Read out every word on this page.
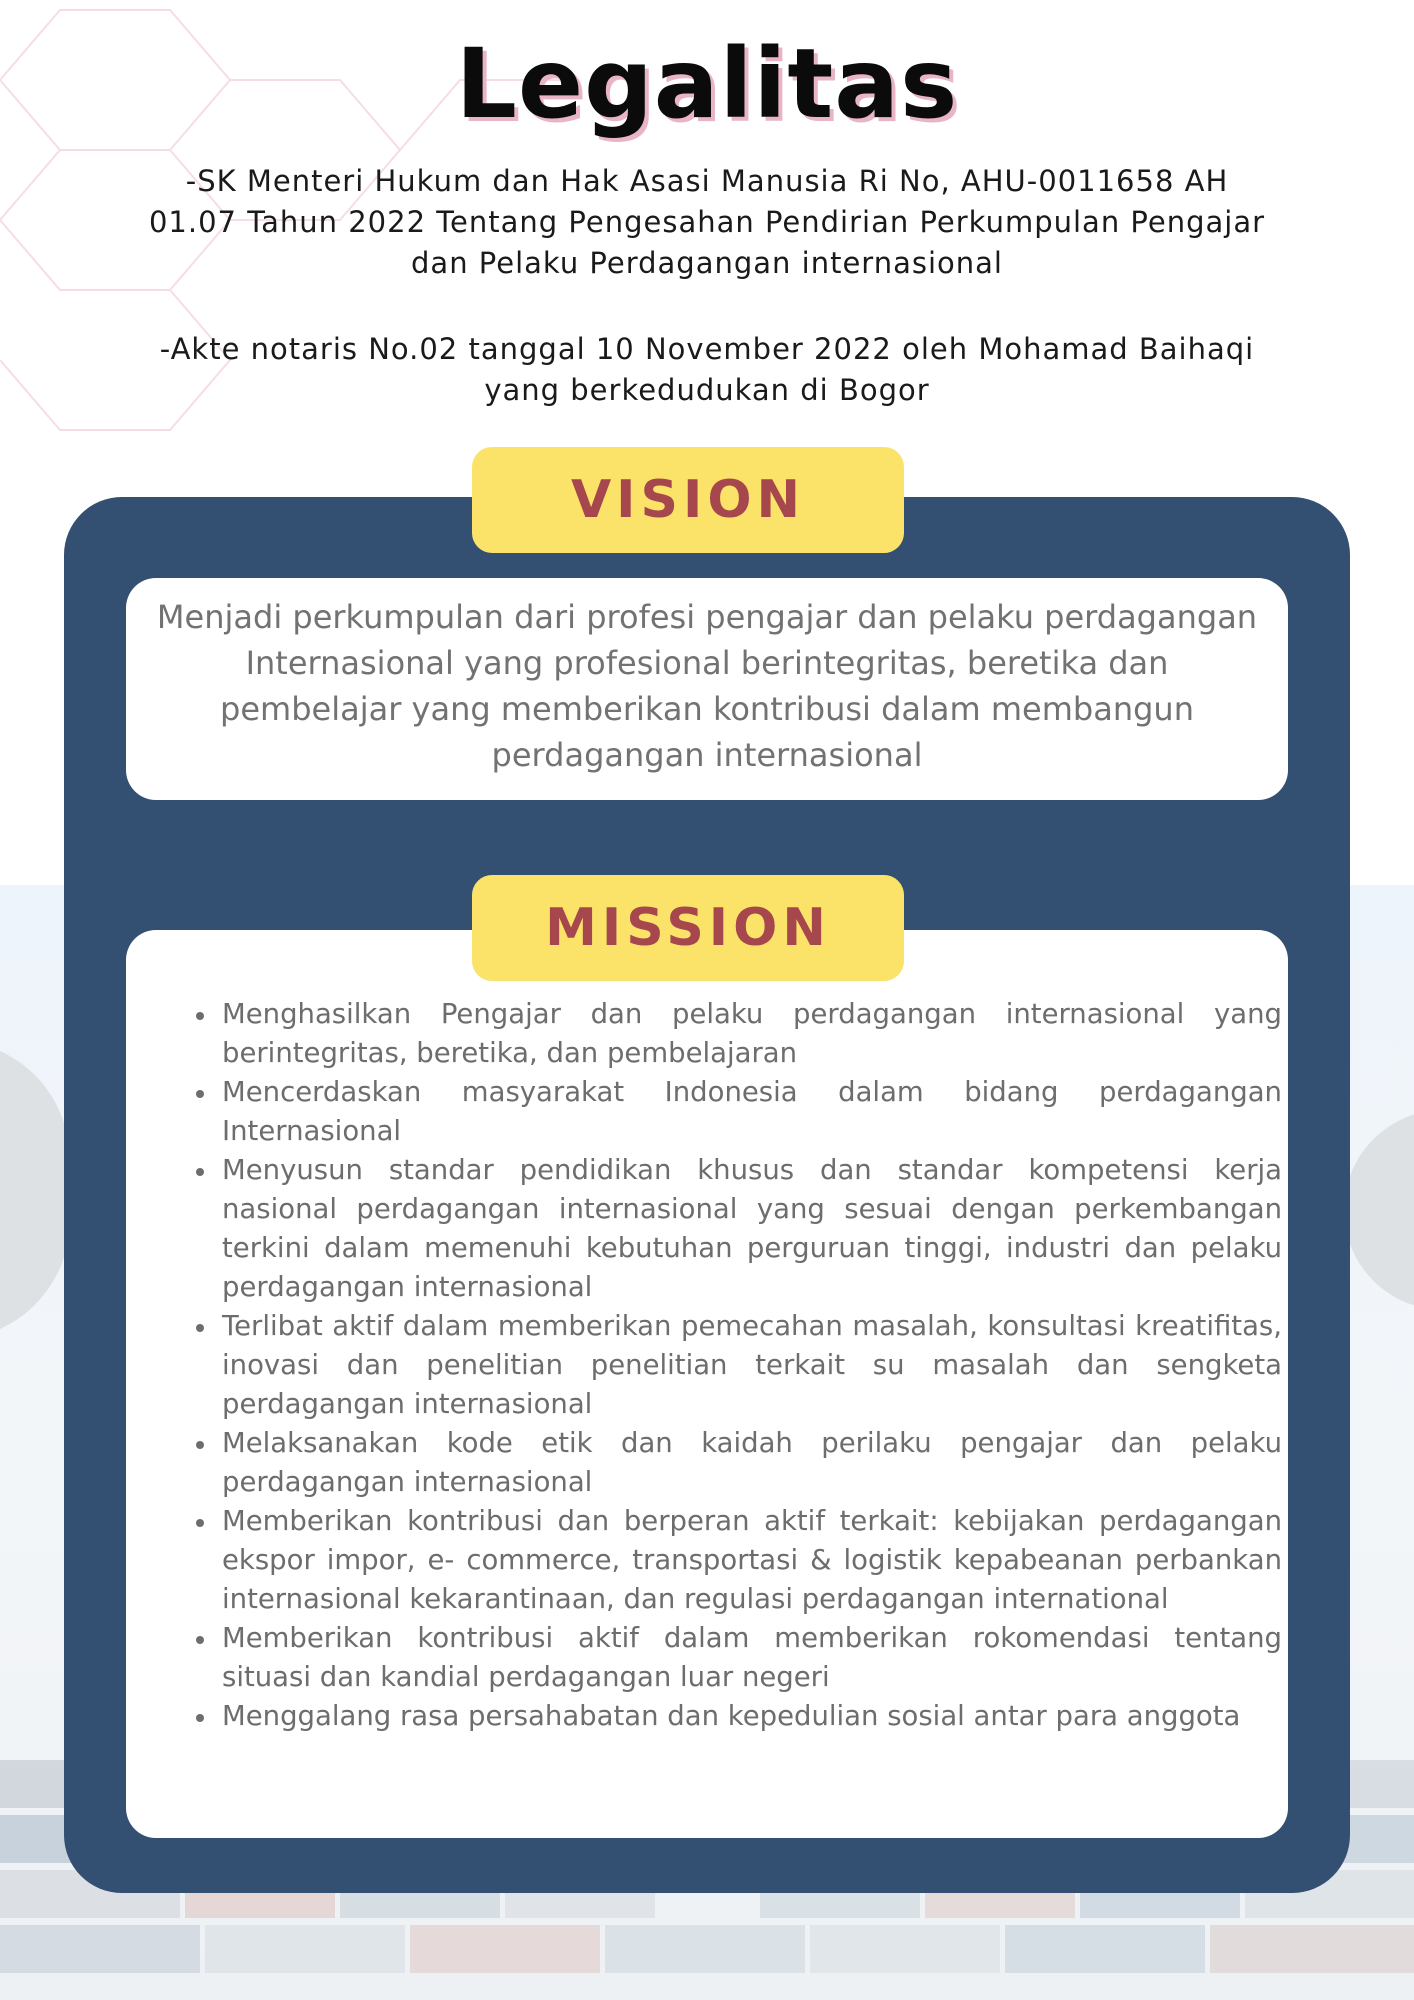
Legalitas

-SK Menteri Hukum dan Hak Asasi Manusia Ri No, AHU-0011658 AH 01.07 Tahun 2022 Tentang Pengesahan Pendirian Perkumpulan Pengajar dan Pelaku Perdagangan internasional

-Akte notaris No.02 tanggal 10 November 2022 oleh Mohamad Baihaqi yang berkedudukan di Bogor

Menjadi perkumpulan dari profesi pengajar dan pelaku perdagangan Internasional yang profesional berintegritas, beretika dan pembelajar yang memberikan kontribusi dalam membangun perdagangan internasional

VISION
Menghasilkan Pengajar dan pelaku perdagangan internasional yang berintegritas, beretika, dan pembelajaran
Mencerdaskan masyarakat Indonesia dalam bidang perdagangan Internasional
Menyusun standar pendidikan khusus dan standar kompetensi kerja nasional perdagangan internasional yang sesuai dengan perkembangan terkini dalam memenuhi kebutuhan perguruan tinggi, industri dan pelaku perdagangan internasional
Terlibat aktif dalam memberikan pemecahan masalah, konsultasi kreatifitas, inovasi dan penelitian penelitian terkait su masalah dan sengketa perdagangan internasional
Melaksanakan kode etik dan kaidah perilaku pengajar dan pelaku perdagangan internasional
Memberikan kontribusi dan berperan aktif terkait: kebijakan perdagangan ekspor impor, e- commerce, transportasi & logistik kepabeanan perbankan internasional kekarantinaan, dan regulasi perdagangan international
Memberikan kontribusi aktif dalam memberikan rokomendasi tentang situasi dan kandial perdagangan luar negeri
Menggalang rasa persahabatan dan kepedulian sosial antar para anggota
MISSION
